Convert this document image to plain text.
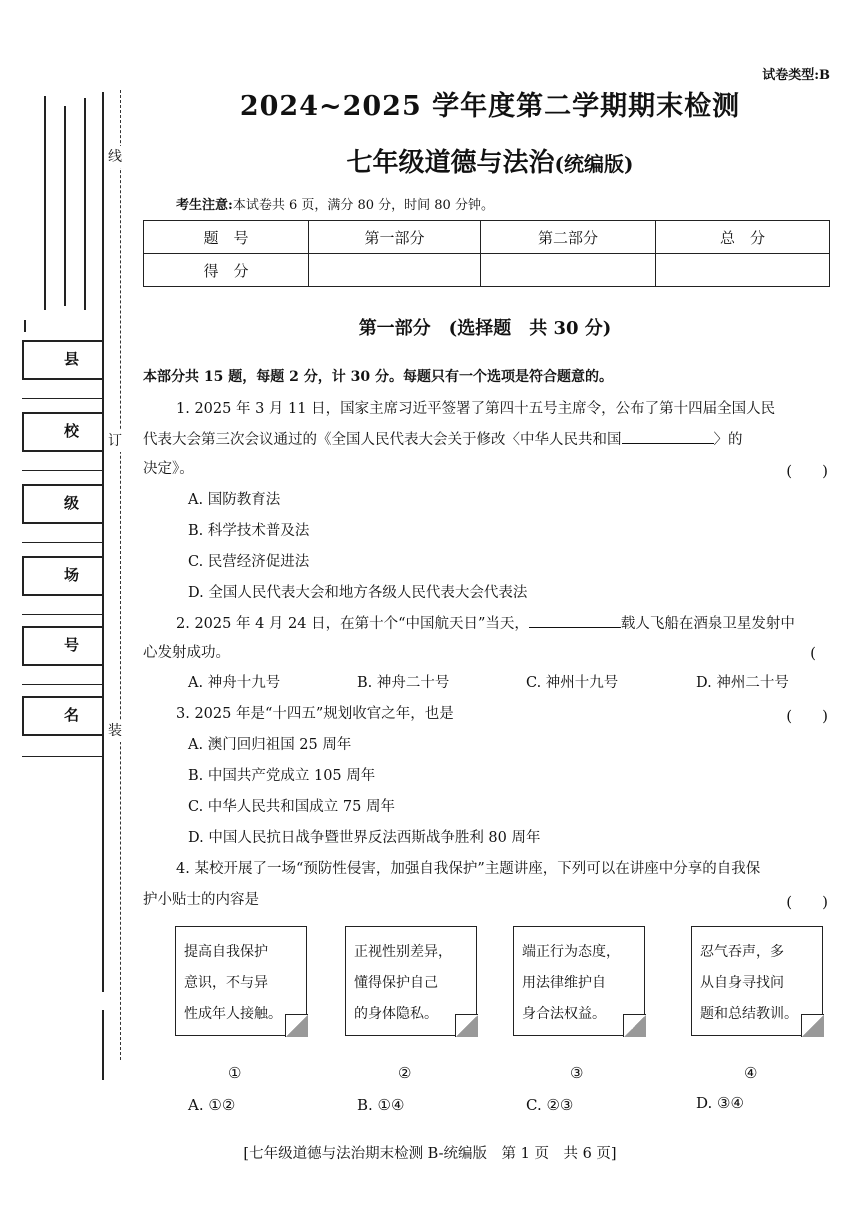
试卷类型:B
线
订
装
县
校
级
场
号
名
2024~2025 学年度第二学期期末检测
七年级道德与法治(统编版)
考生注意:本试卷共 6 页，满分 80 分，时间 80 分钟。
题　号	第一部分	第二部分	总　分
得　分			
第一部分　(选择题　共 30 分)
本部分共 15 题，每题 2 分，计 30 分。每题只有一个选项是符合题意的。
1. 2025 年 3 月 11 日，国家主席习近平签署了第四十五号主席令，公布了第十四届全国人民
代表大会第三次会议通过的《全国人民代表大会关于修改〈中华人民共和国	〉的
决定》。	(　　)
A. 国防教育法
B. 科学技术普及法
C. 民营经济促进法
D. 全国人民代表大会和地方各级人民代表大会代表法
2. 2025 年 4 月 24 日，在第十个“中国航天日”当天，	载人飞船在酒泉卫星发射中
心发射成功。	(
A. 神舟十九号	B. 神舟二十号	C. 神州十九号	D. 神州二十号
3. 2025 年是“十四五”规划收官之年，也是	(　　)
A. 澳门回归祖国 25 周年
B. 中国共产党成立 105 周年
C. 中华人民共和国成立 75 周年
D. 中国人民抗日战争暨世界反法西斯战争胜利 80 周年
4. 某校开展了一场“预防性侵害，加强自我保护”主题讲座，下列可以在讲座中分享的自我保
护小贴士的内容是	(　　)
提高自我保护
意识，不与异
性成年人接触。
正视性别差异，
懂得保护自己
的身体隐私。
端正行为态度，
用法律维护自
身合法权益。
忍气吞声，多
从自身寻找问
题和总结教训。
①	②	③	④
A. ①②	B. ①④	C. ②③	D. ③④
[七年级道德与法治期末检测 B-统编版　第 1 页　共 6 页]
